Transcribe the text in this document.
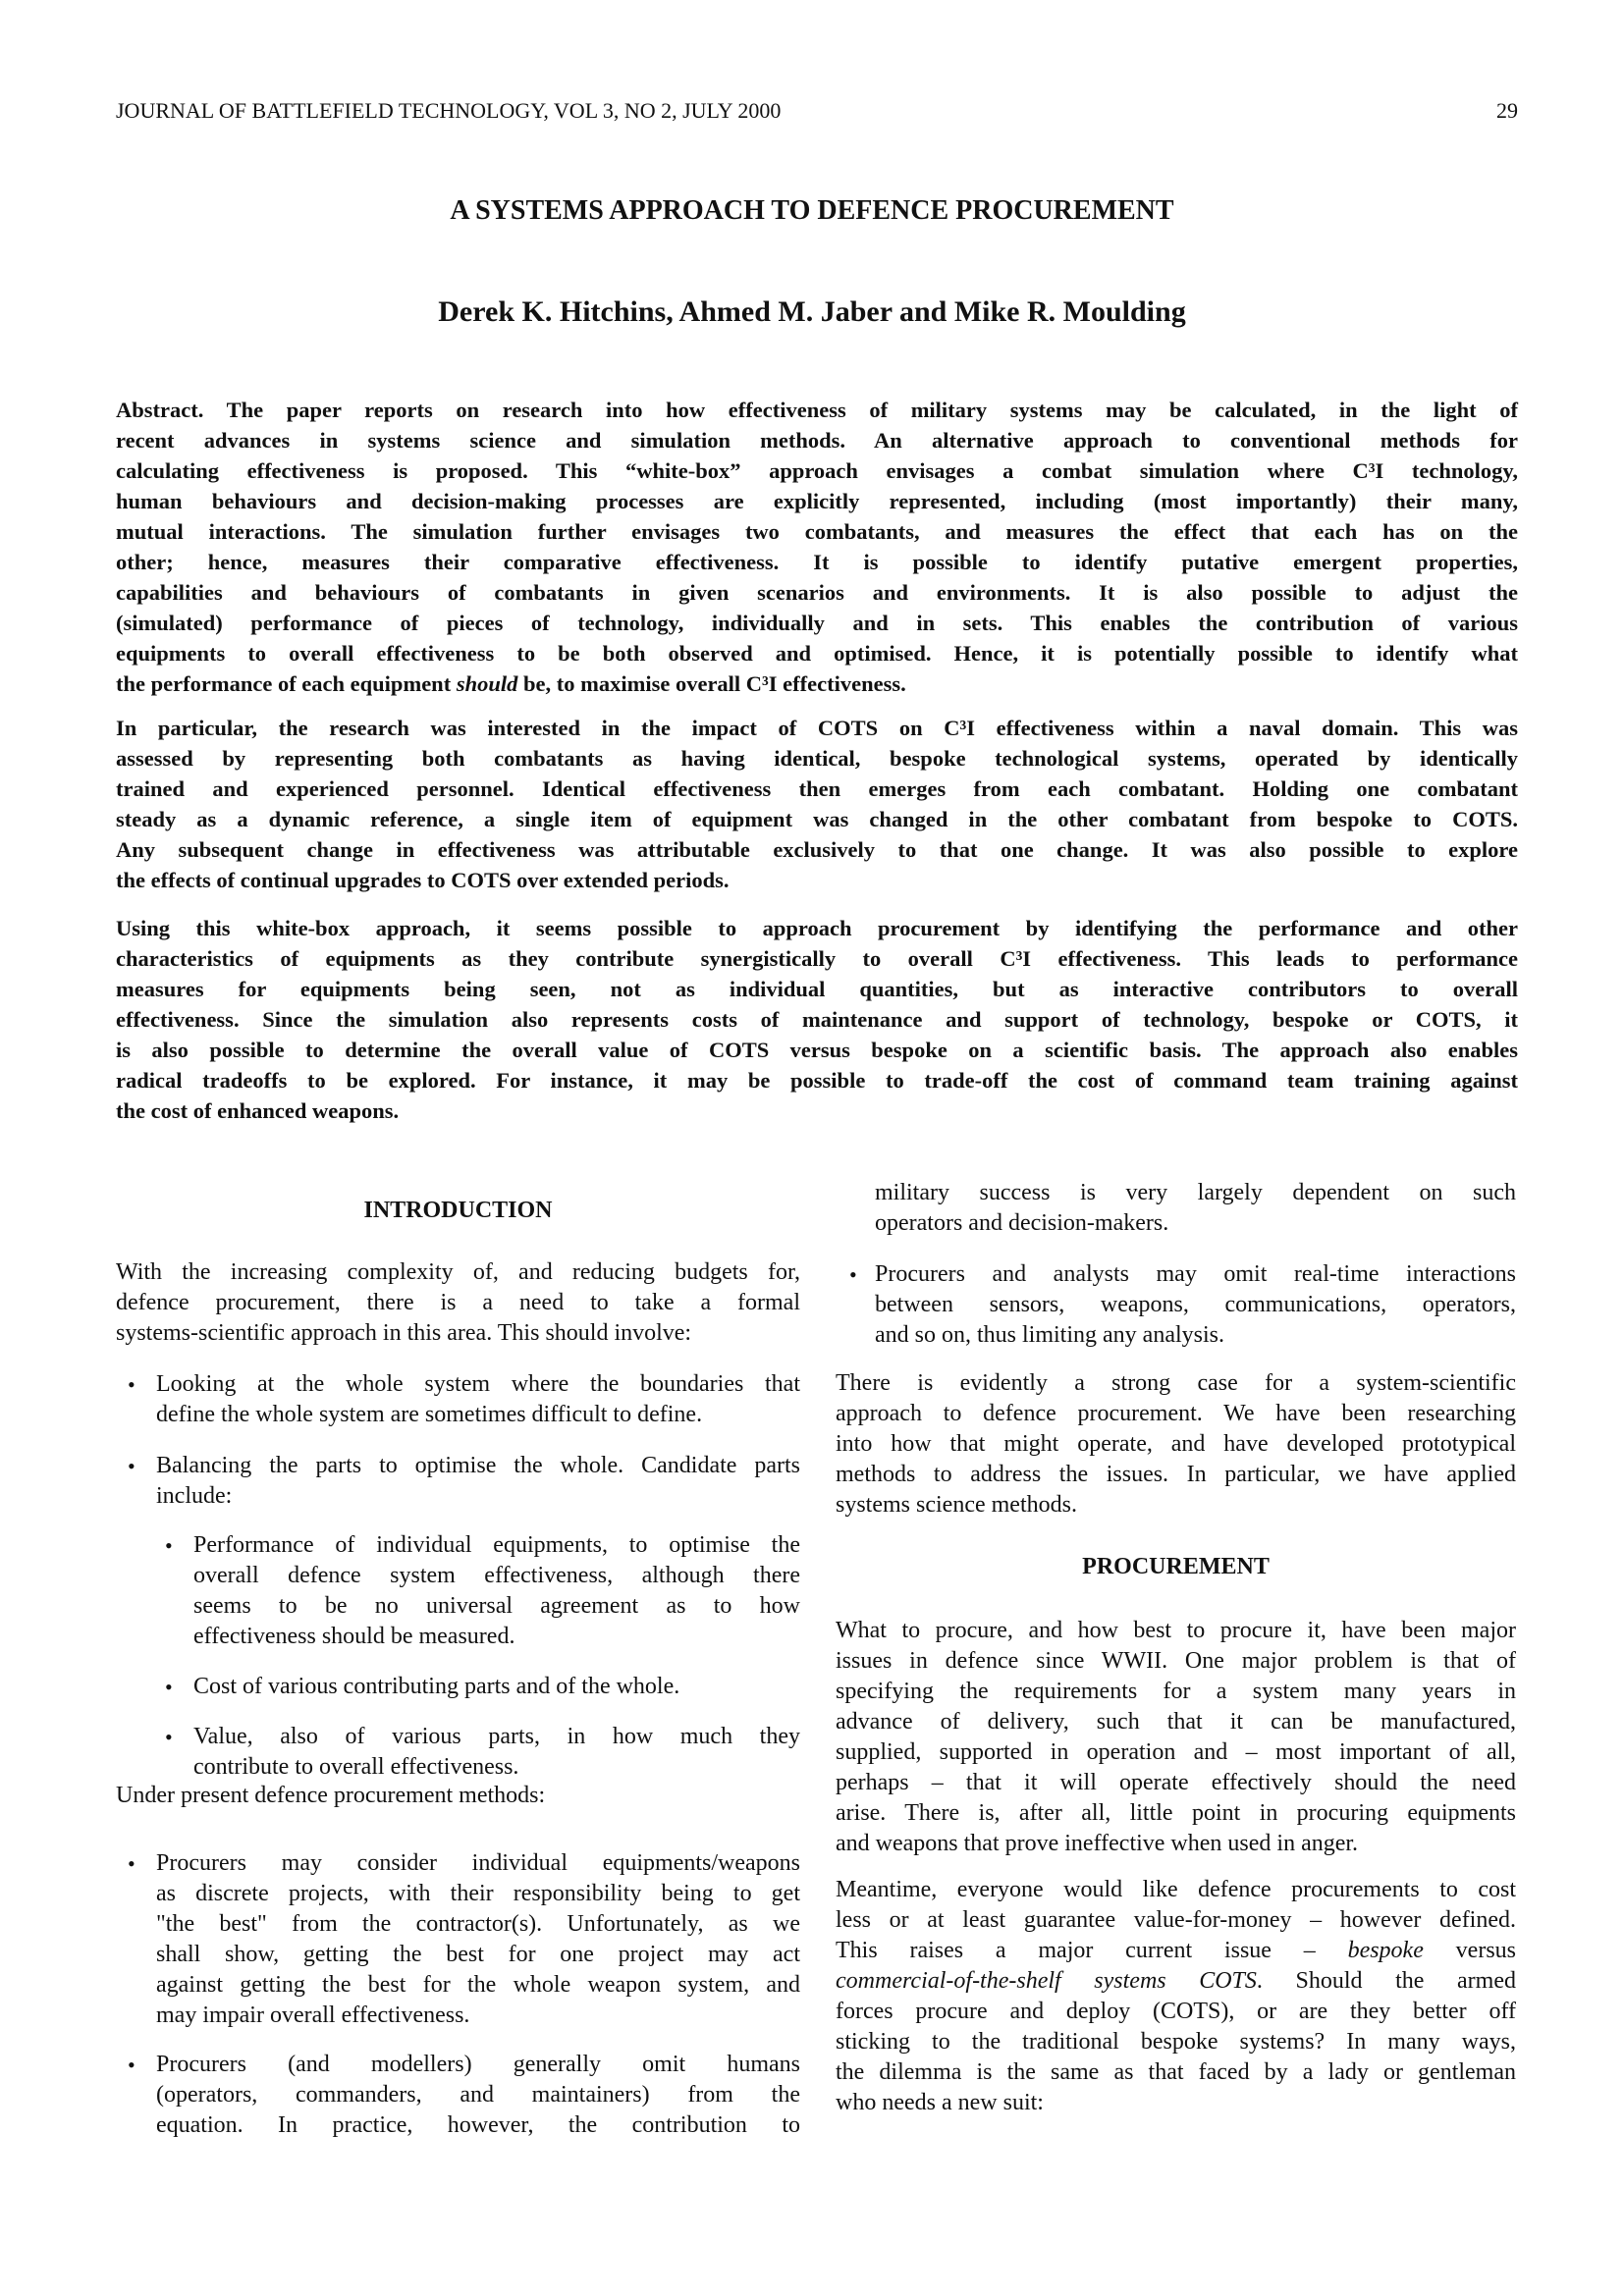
JOURNAL OF BATTLEFIELD TECHNOLOGY, VOL 3, NO 2, JULY 2000	29
A SYSTEMS APPROACH TO DEFENCE PROCUREMENT
Derek K. Hitchins, Ahmed M. Jaber and Mike R. Moulding
Abstract. The paper reports on research into how effectiveness of military systems may be calculated, in the light of
recent advances in systems science and simulation methods. An alternative approach to conventional methods for
calculating effectiveness is proposed. This “white-box” approach envisages a combat simulation where C³I technology,
human behaviours and decision-making processes are explicitly represented, including (most importantly) their many,
mutual interactions. The simulation further envisages two combatants, and measures the effect that each has on the
other; hence, measures their comparative effectiveness. It is possible to identify putative emergent properties,
capabilities and behaviours of combatants in given scenarios and environments. It is also possible to adjust the
(simulated) performance of pieces of technology, individually and in sets. This enables the contribution of various
equipments to overall effectiveness to be both observed and optimised. Hence, it is potentially possible to identify what
the performance of each equipment should be, to maximise overall C³I effectiveness.
In particular, the research was interested in the impact of COTS on C³I effectiveness within a naval domain. This was
assessed by representing both combatants as having identical, bespoke technological systems, operated by identically
trained and experienced personnel. Identical effectiveness then emerges from each combatant. Holding one combatant
steady as a dynamic reference, a single item of equipment was changed in the other combatant from bespoke to COTS.
Any subsequent change in effectiveness was attributable exclusively to that one change. It was also possible to explore
the effects of continual upgrades to COTS over extended periods.
Using this white-box approach, it seems possible to approach procurement by identifying the performance and other
characteristics of equipments as they contribute synergistically to overall C³I effectiveness. This leads to performance
measures for equipments being seen, not as individual quantities, but as interactive contributors to overall
effectiveness. Since the simulation also represents costs of maintenance and support of technology, bespoke or COTS, it
is also possible to determine the overall value of COTS versus bespoke on a scientific basis. The approach also enables
radical tradeoffs to be explored. For instance, it may be possible to trade-off the cost of command team training against
the cost of enhanced weapons.
INTRODUCTION
With the increasing complexity of, and reducing budgets for,
defence procurement, there is a need to take a formal
systems-scientific approach in this area. This should involve:
• Looking at the whole system where the boundaries that
define the whole system are sometimes difficult to define.
• Balancing the parts to optimise the whole. Candidate parts
include:
• Performance of individual equipments, to optimise the
overall defence system effectiveness, although there
seems to be no universal agreement as to how
effectiveness should be measured.
• Cost of various contributing parts and of the whole.
• Value, also of various parts, in how much they
contribute to overall effectiveness.
Under present defence procurement methods:
• Procurers may consider individual equipments/weapons
as discrete projects, with their responsibility being to get
"the best" from the contractor(s). Unfortunately, as we
shall show, getting the best for one project may act
against getting the best for the whole weapon system, and
may impair overall effectiveness.
• Procurers (and modellers) generally omit humans
(operators, commanders, and maintainers) from the
equation. In practice, however, the contribution to
military success is very largely dependent on such
operators and decision-makers.
• Procurers and analysts may omit real-time interactions
between sensors, weapons, communications, operators,
and so on, thus limiting any analysis.
There is evidently a strong case for a system-scientific
approach to defence procurement. We have been researching
into how that might operate, and have developed prototypical
methods to address the issues. In particular, we have applied
systems science methods.
PROCUREMENT
What to procure, and how best to procure it, have been major
issues in defence since WWII. One major problem is that of
specifying the requirements for a system many years in
advance of delivery, such that it can be manufactured,
supplied, supported in operation and – most important of all,
perhaps – that it will operate effectively should the need
arise. There is, after all, little point in procuring equipments
and weapons that prove ineffective when used in anger.
Meantime, everyone would like defence procurements to cost
less or at least guarantee value-for-money – however defined.
This raises a major current issue – bespoke versus
commercial-of-the-shelf systems COTS. Should the armed
forces procure and deploy (COTS), or are they better off
sticking to the traditional bespoke systems? In many ways,
the dilemma is the same as that faced by a lady or gentleman
who needs a new suit:
